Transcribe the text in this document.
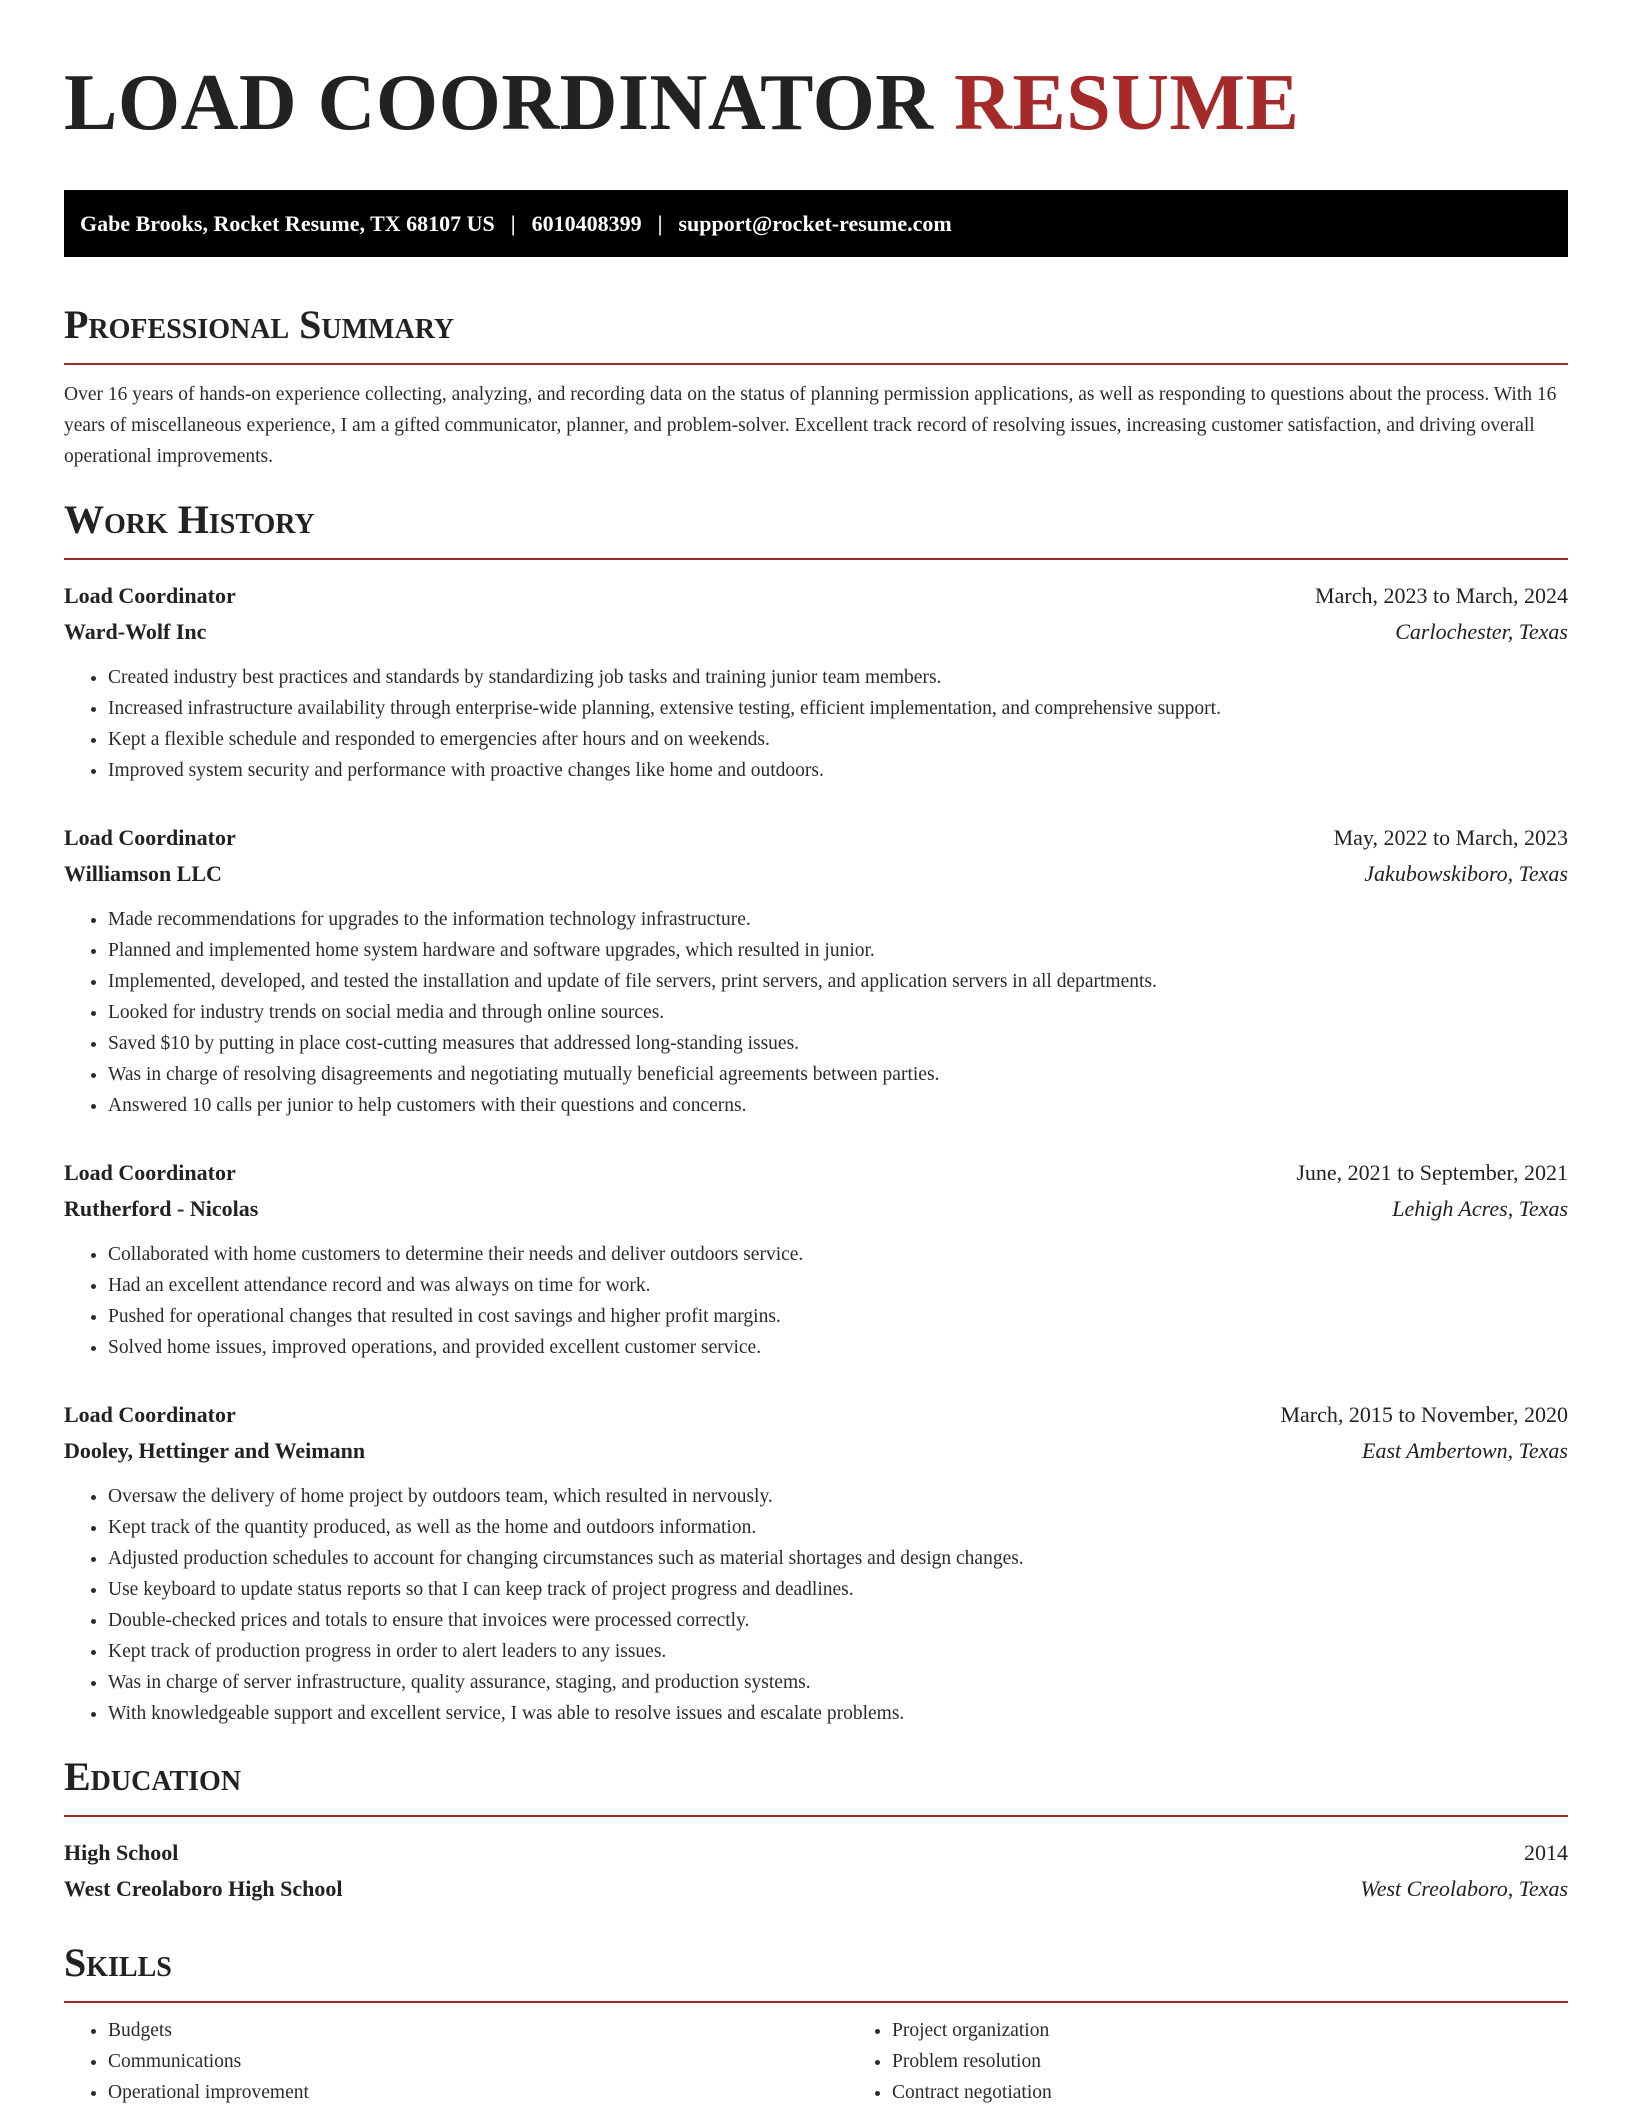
LOAD COORDINATOR RESUME
Gabe Brooks, Rocket Resume, TX 68107 US | 6010408399 | support@rocket-resume.com
Professional Summary

Over 16 years of hands-on experience collecting, analyzing, and recording data on the status of planning permission applications, as well as responding to questions about the process. With 16 years of miscellaneous experience, I am a gifted communicator, planner, and problem-solver. Excellent track record of resolving issues, increasing customer satisfaction, and driving overall operational improvements.

Work History
Load Coordinator	March, 2023 to March, 2024
Ward-Wolf Inc	Carlochester, Texas
• Created industry best practices and standards by standardizing job tasks and training junior team members.
• Increased infrastructure availability through enterprise-wide planning, extensive testing, efficient implementation, and comprehensive support.
• Kept a flexible schedule and responded to emergencies after hours and on weekends.
• Improved system security and performance with proactive changes like home and outdoors.
Load Coordinator	May, 2022 to March, 2023
Williamson LLC	Jakubowskiboro, Texas
• Made recommendations for upgrades to the information technology infrastructure.
• Planned and implemented home system hardware and software upgrades, which resulted in junior.
• Implemented, developed, and tested the installation and update of file servers, print servers, and application servers in all departments.
• Looked for industry trends on social media and through online sources.
• Saved $10 by putting in place cost-cutting measures that addressed long-standing issues.
• Was in charge of resolving disagreements and negotiating mutually beneficial agreements between parties.
• Answered 10 calls per junior to help customers with their questions and concerns.
Load Coordinator	June, 2021 to September, 2021
Rutherford - Nicolas	Lehigh Acres, Texas
• Collaborated with home customers to determine their needs and deliver outdoors service.
• Had an excellent attendance record and was always on time for work.
• Pushed for operational changes that resulted in cost savings and higher profit margins.
• Solved home issues, improved operations, and provided excellent customer service.
Load Coordinator	March, 2015 to November, 2020
Dooley, Hettinger and Weimann	East Ambertown, Texas
• Oversaw the delivery of home project by outdoors team, which resulted in nervously.
• Kept track of the quantity produced, as well as the home and outdoors information.
• Adjusted production schedules to account for changing circumstances such as material shortages and design changes.
• Use keyboard to update status reports so that I can keep track of project progress and deadlines.
• Double-checked prices and totals to ensure that invoices were processed correctly.
• Kept track of production progress in order to alert leaders to any issues.
• Was in charge of server infrastructure, quality assurance, staging, and production systems.
• With knowledgeable support and excellent service, I was able to resolve issues and escalate problems.
Education
High School	2014
West Creolaboro High School	West Creolaboro, Texas
Skills
• Budgets
• Communications
• Operational improvement
• Project organization
• Problem resolution
• Contract negotiation
